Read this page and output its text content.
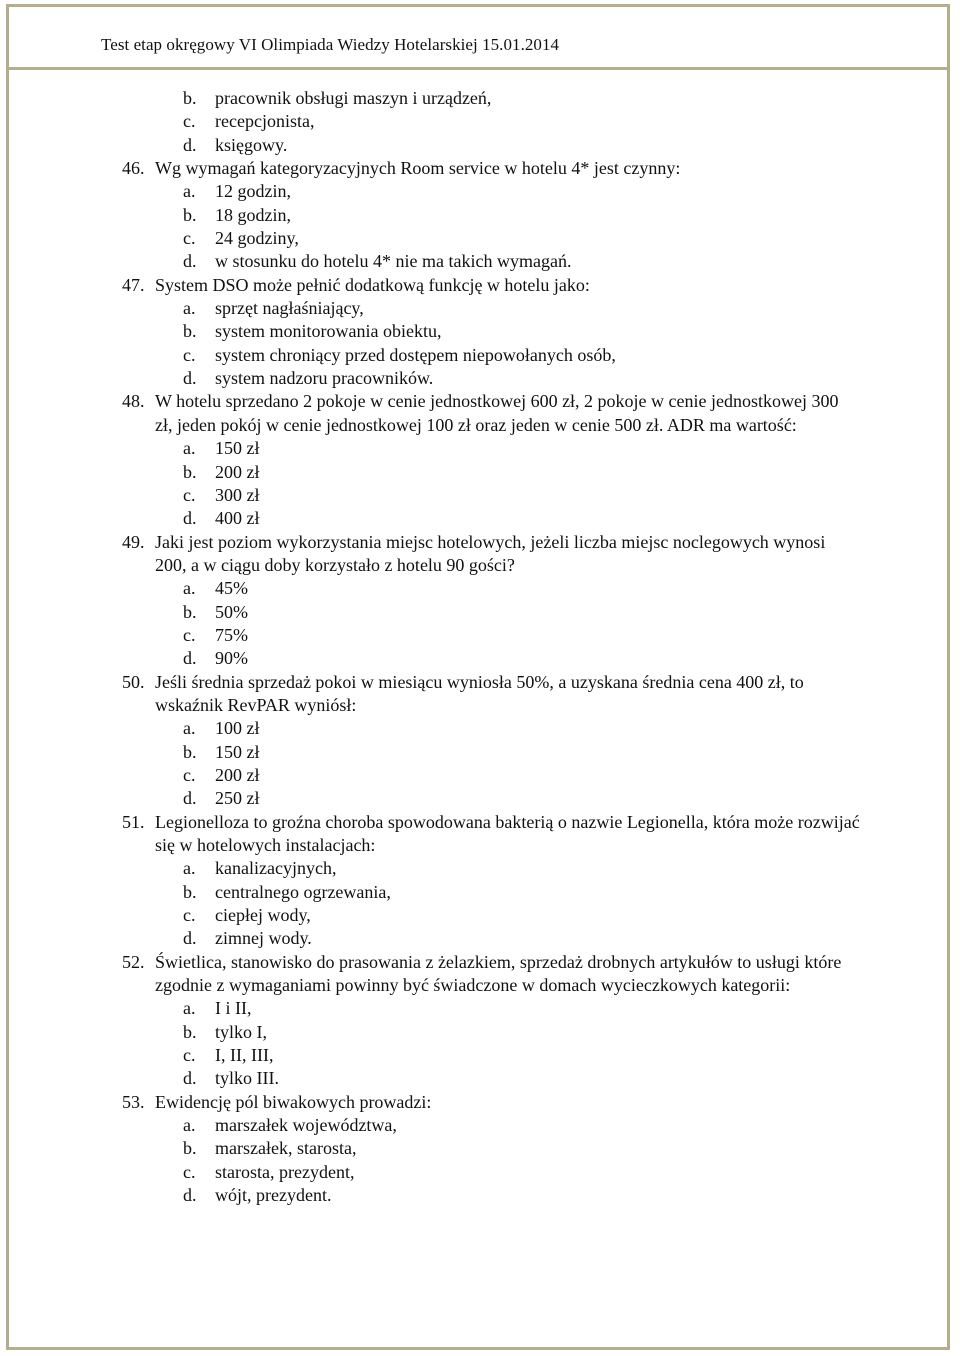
Test etap okręgowy VI Olimpiada Wiedzy Hotelarskiej 15.01.2014
b. pracownik obsługi maszyn i urządzeń,
c. recepcjonista,
d. księgowy.
46. Wg wymagań kategoryzacyjnych Room service w hotelu 4* jest czynny:
a. 12 godzin,
b. 18 godzin,
c. 24 godziny,
d. w stosunku do hotelu 4* nie ma takich wymagań.
47. System DSO może pełnić dodatkową funkcję w hotelu jako:
a. sprzęt nagłaśniający,
b. system monitorowania obiektu,
c. system chroniący przed dostępem niepowołanych osób,
d. system nadzoru pracowników.
48. W hotelu sprzedano 2 pokoje w cenie jednostkowej 600 zł, 2 pokoje w cenie jednostkowej 300 zł, jeden pokój w cenie jednostkowej 100 zł oraz jeden w cenie 500 zł. ADR ma wartość:
a. 150 zł
b. 200 zł
c. 300 zł
d. 400 zł
49. Jaki jest poziom wykorzystania miejsc hotelowych, jeżeli liczba miejsc noclegowych wynosi 200, a w ciągu doby korzystało z hotelu 90 gości?
a. 45%
b. 50%
c. 75%
d. 90%
50. Jeśli średnia sprzedaż pokoi w miesiącu wyniosła 50%, a uzyskana średnia cena 400 zł, to wskaźnik RevPAR wyniósł:
a. 100 zł
b. 150 zł
c. 200 zł
d. 250 zł
51. Legionelloza to groźna choroba spowodowana bakterią o nazwie Legionella, która może rozwijać się w hotelowych instalacjach:
a. kanalizacyjnych,
b. centralnego ogrzewania,
c. ciepłej wody,
d. zimnej wody.
52. Świetlica, stanowisko do prasowania z żelazkiem, sprzedaż drobnych artykułów to usługi które zgodnie z wymaganiami powinny być świadczone w domach wycieczkowych kategorii:
a. I i II,
b. tylko I,
c. I, II, III,
d. tylko III.
53. Ewidencję pól biwakowych prowadzi:
a. marszałek województwa,
b. marszałek, starosta,
c. starosta, prezydent,
d. wójt, prezydent.
